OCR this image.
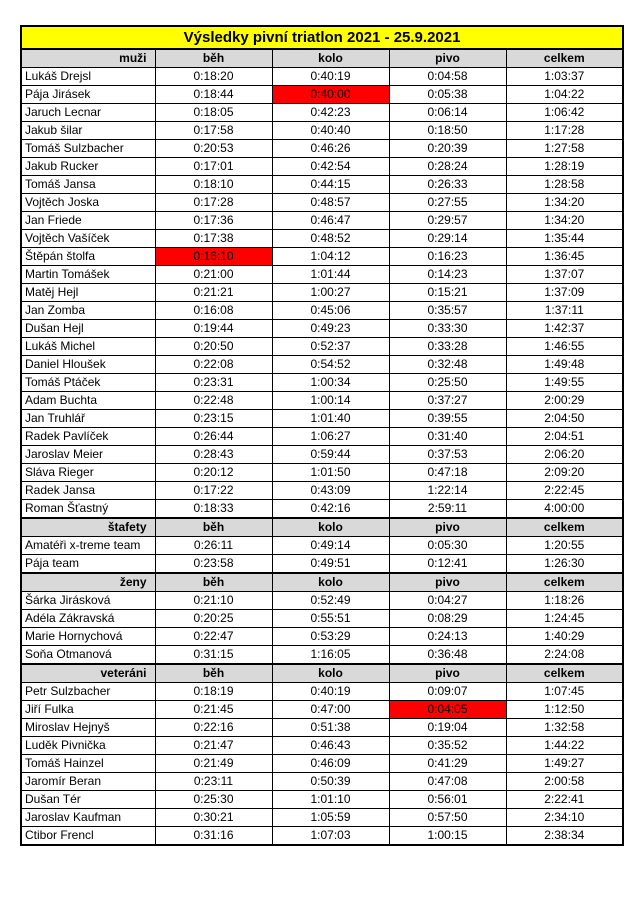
Výsledky pivní triatlon 2021 - 25.9.2021				
muži	běh	kolo	pivo	celkem
Lukáš Drejsl	0:18:20	0:40:19	0:04:58	1:03:37
Pája Jirásek	0:18:44	0:40:00	0:05:38	1:04:22
Jaruch Lecnar	0:18:05	0:42:23	0:06:14	1:06:42
Jakub šilar	0:17:58	0:40:40	0:18:50	1:17:28
Tomáš Sulzbacher	0:20:53	0:46:26	0:20:39	1:27:58
Jakub Rucker	0:17:01	0:42:54	0:28:24	1:28:19
Tomáš Jansa	0:18:10	0:44:15	0:26:33	1:28:58
Vojtěch Joska	0:17:28	0:48:57	0:27:55	1:34:20
Jan Friede	0:17:36	0:46:47	0:29:57	1:34:20
Vojtěch Vašíček	0:17:38	0:48:52	0:29:14	1:35:44
Štěpán štolfa	0:16:10	1:04:12	0:16:23	1:36:45
Martin Tomášek	0:21:00	1:01:44	0:14:23	1:37:07
Matěj Hejl	0:21:21	1:00:27	0:15:21	1:37:09
Jan Zomba	0:16:08	0:45:06	0:35:57	1:37:11
Dušan Hejl	0:19:44	0:49:23	0:33:30	1:42:37
Lukáš Michel	0:20:50	0:52:37	0:33:28	1:46:55
Daniel Hloušek	0:22:08	0:54:52	0:32:48	1:49:48
Tomáš Ptáček	0:23:31	1:00:34	0:25:50	1:49:55
Adam Buchta	0:22:48	1:00:14	0:37:27	2:00:29
Jan Truhlář	0:23:15	1:01:40	0:39:55	2:04:50
Radek Pavlíček	0:26:44	1:06:27	0:31:40	2:04:51
Jaroslav Meier	0:28:43	0:59:44	0:37:53	2:06:20
Sláva Rieger	0:20:12	1:01:50	0:47:18	2:09:20
Radek Jansa	0:17:22	0:43:09	1:22:14	2:22:45
Roman Šťastný	0:18:33	0:42:16	2:59:11	4:00:00
štafety	běh	kolo	pivo	celkem
Amatéři x-treme team	0:26:11	0:49:14	0:05:30	1:20:55
Pája team	0:23:58	0:49:51	0:12:41	1:26:30
ženy	běh	kolo	pivo	celkem
Šárka Jirásková	0:21:10	0:52:49	0:04:27	1:18:26
Adéla Zákravská	0:20:25	0:55:51	0:08:29	1:24:45
Marie Hornychová	0:22:47	0:53:29	0:24:13	1:40:29
Soňa Otmanová	0:31:15	1:16:05	0:36:48	2:24:08
veteráni	běh	kolo	pivo	celkem
Petr Sulzbacher	0:18:19	0:40:19	0:09:07	1:07:45
Jiří Fulka	0:21:45	0:47:00	0:04:05	1:12:50
Miroslav Hejnyš	0:22:16	0:51:38	0:19:04	1:32:58
Luděk Pivnička	0:21:47	0:46:43	0:35:52	1:44:22
Tomáš Hainzel	0:21:49	0:46:09	0:41:29	1:49:27
Jaromír Beran	0:23:11	0:50:39	0:47:08	2:00:58
Dušan Tér	0:25:30	1:01:10	0:56:01	2:22:41
Jaroslav Kaufman	0:30:21	1:05:59	0:57:50	2:34:10
Ctibor Frencl	0:31:16	1:07:03	1:00:15	2:38:34
